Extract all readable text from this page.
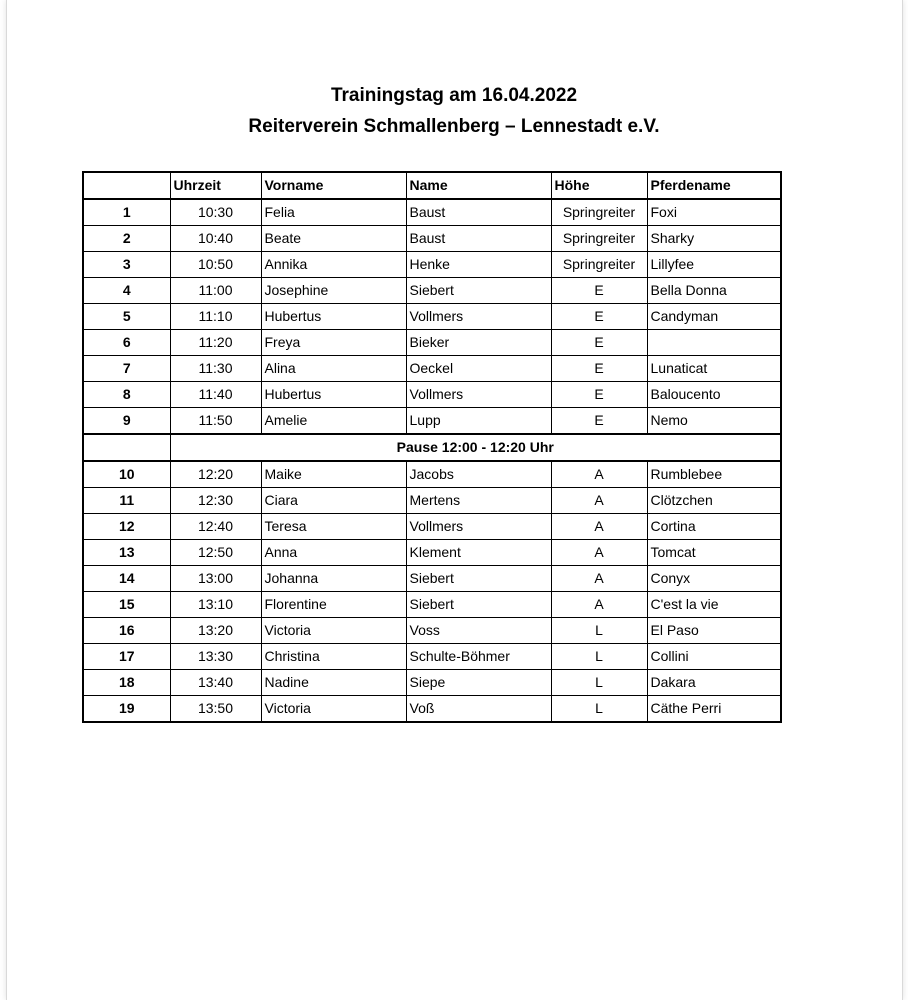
Trainingstag am 16.04.2022
Reiterverein Schmallenberg – Lennestadt e.V.
	Uhrzeit	Vorname	Name	Höhe	Pferdename
1	10:30	Felia	Baust	Springreiter	Foxi
2	10:40	Beate	Baust	Springreiter	Sharky
3	10:50	Annika	Henke	Springreiter	Lillyfee
4	11:00	Josephine	Siebert	E	Bella Donna
5	11:10	Hubertus	Vollmers	E	Candyman
6	11:20	Freya	Bieker	E	
7	11:30	Alina	Oeckel	E	Lunaticat
8	11:40	Hubertus	Vollmers	E	Baloucento
9	11:50	Amelie	Lupp	E	Nemo
	Pause 12:00 - 12:20 Uhr				
10	12:20	Maike	Jacobs	A	Rumblebee
11	12:30	Ciara	Mertens	A	Clötzchen
12	12:40	Teresa	Vollmers	A	Cortina
13	12:50	Anna	Klement	A	Tomcat
14	13:00	Johanna	Siebert	A	Conyx
15	13:10	Florentine	Siebert	A	C'est la vie
16	13:20	Victoria	Voss	L	El Paso
17	13:30	Christina	Schulte-Böhmer	L	Collini
18	13:40	Nadine	Siepe	L	Dakara
19	13:50	Victoria	Voß	L	Cäthe Perri
